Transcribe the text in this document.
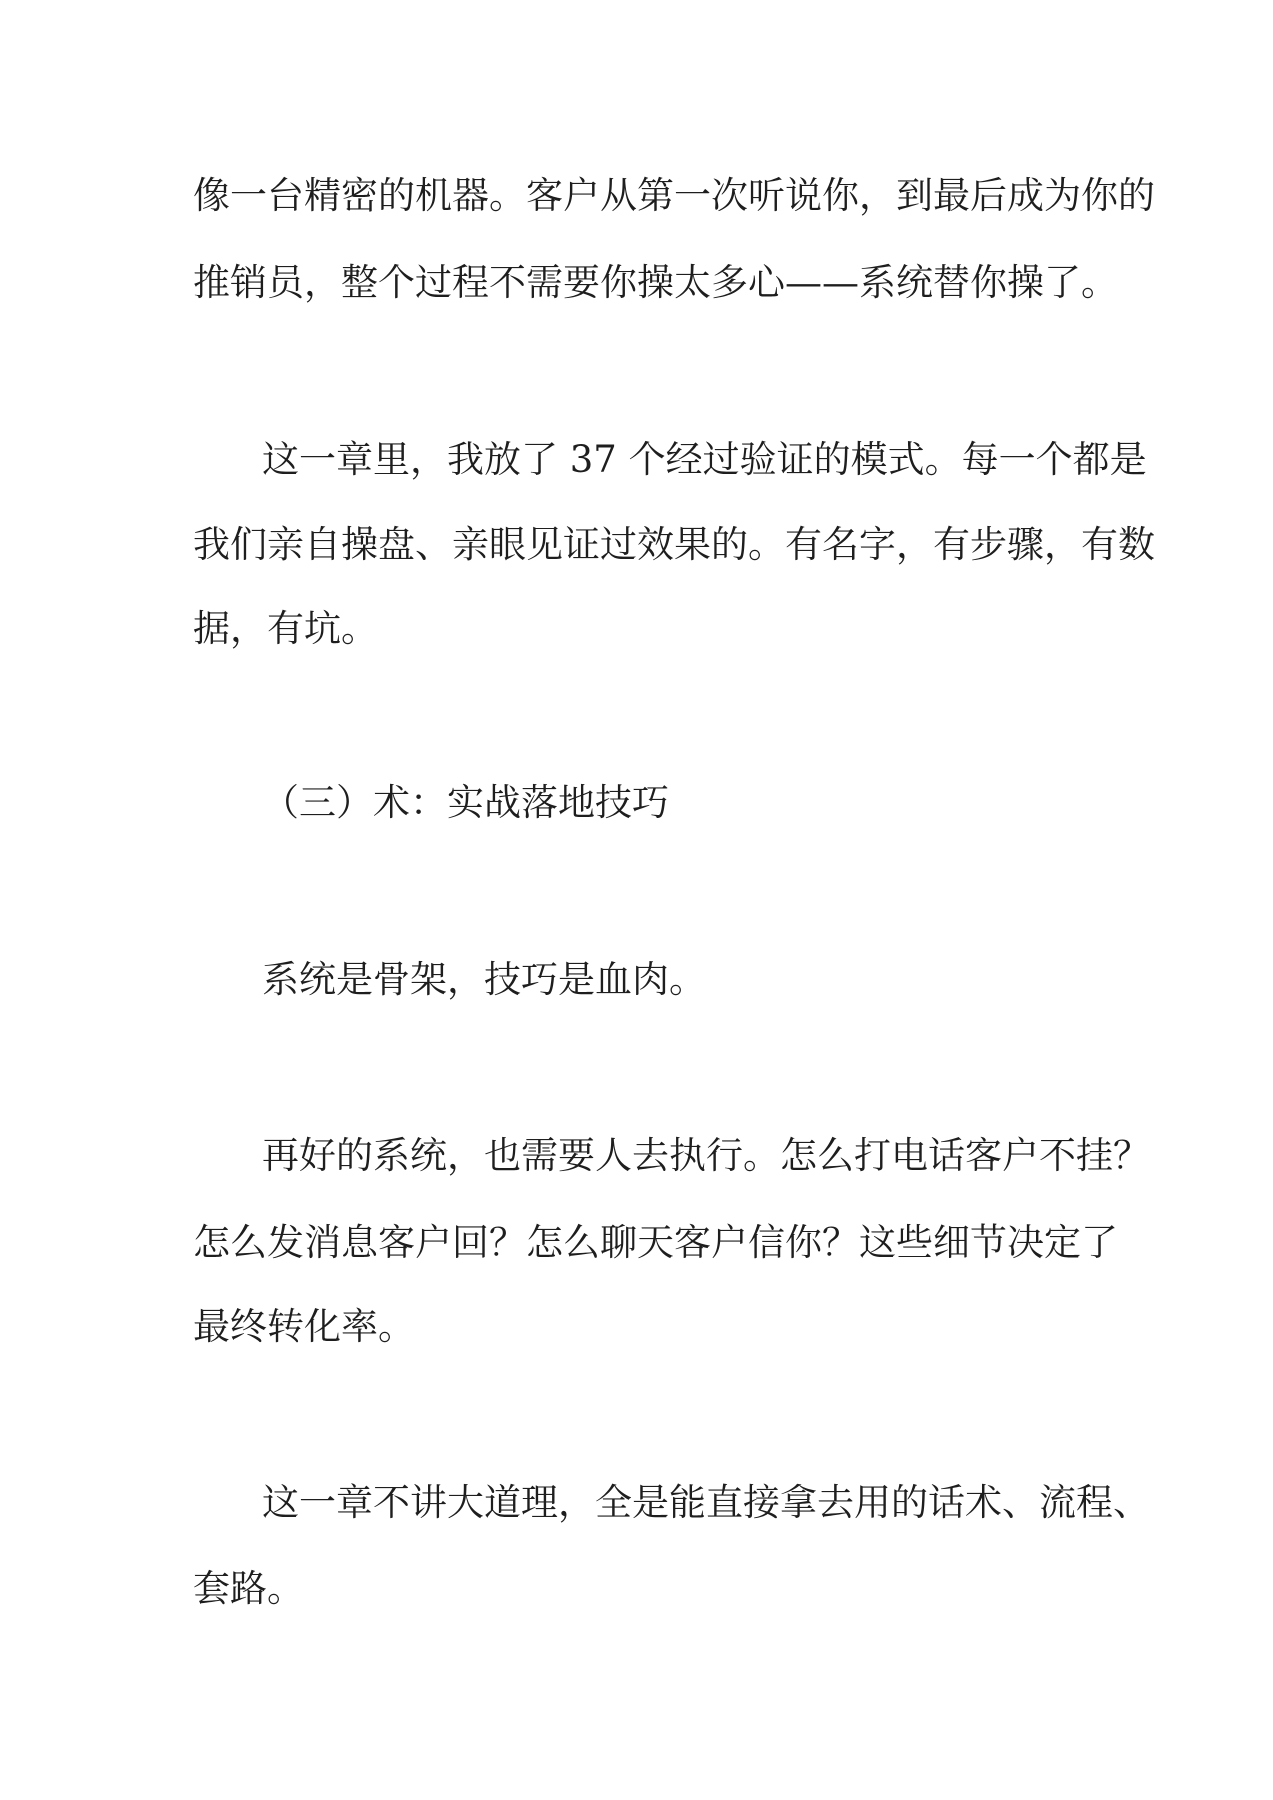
像一台精密的机器。客户从第一次听说你，到最后成为你的

推销员，整个过程不需要你操太多心——系统替你操了。

这一章里，我放了 37 个经过验证的模式。每一个都是

我们亲自操盘、亲眼见证过效果的。有名字，有步骤，有数

据，有坑。

（三）术：实战落地技巧

系统是骨架，技巧是血肉。

再好的系统，也需要人去执行。怎么打电话客户不挂？

怎么发消息客户回？怎么聊天客户信你？这些细节决定了

最终转化率。

这一章不讲大道理，全是能直接拿去用的话术、流程、

套路。
